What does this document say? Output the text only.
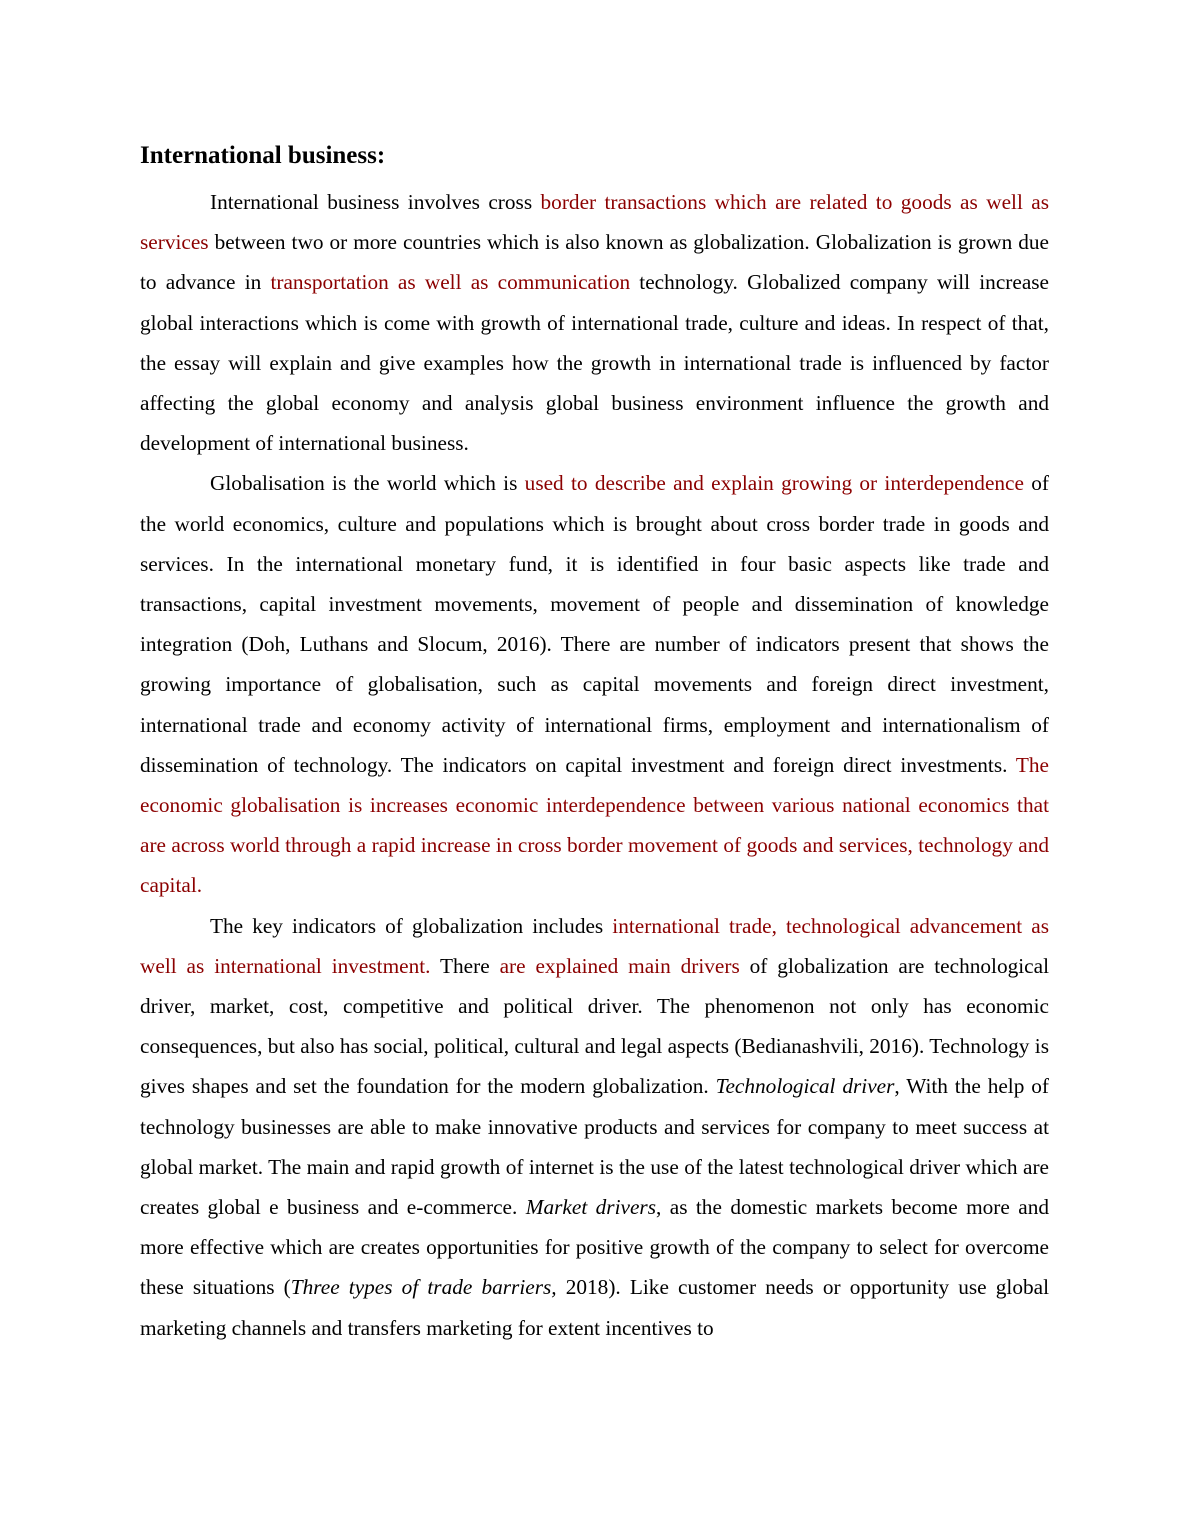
International business:

International business involves cross border transactions which are related to goods as well as services between two or more countries which is also known as globalization. Globalization is grown due to advance in transportation as well as communication technology. Globalized company will increase global interactions which is come with growth of international trade, culture and ideas. In respect of that, the essay will explain and give examples how the growth in international trade is influenced by factor affecting the global economy and analysis global business environment influence the growth and development of international business.

Globalisation is the world which is used to describe and explain growing or interdependence of the world economics, culture and populations which is brought about cross border trade in goods and services. In the international monetary fund, it is identified in four basic aspects like trade and transactions, capital investment movements, movement of people and dissemination of knowledge integration (Doh, Luthans and Slocum, 2016). There are number of indicators present that shows the growing importance of globalisation, such as capital movements and foreign direct investment, international trade and economy activity of international firms, employment and internationalism of dissemination of technology. The indicators on capital investment and foreign direct investments. The economic globalisation is increases economic interdependence between various national economics that are across world through a rapid increase in cross border movement of goods and services, technology and capital.

The key indicators of globalization includes international trade, technological advancement as well as international investment. There are explained main drivers of globalization are technological driver, market, cost, competitive and political driver. The phenomenon not only has economic consequences, but also has social, political, cultural and legal aspects (Bedianashvili, 2016). Technology is gives shapes and set the foundation for the modern globalization. Technological driver, With the help of technology businesses are able to make innovative products and services for company to meet success at global market. The main and rapid growth of internet is the use of the latest technological driver which are creates global e business and e-commerce. Market drivers, as the domestic markets become more and more effective which are creates opportunities for positive growth of the company to select for overcome these situations (Three types of trade barriers, 2018). Like customer needs or opportunity use global marketing channels and transfers marketing for extent incentives to
